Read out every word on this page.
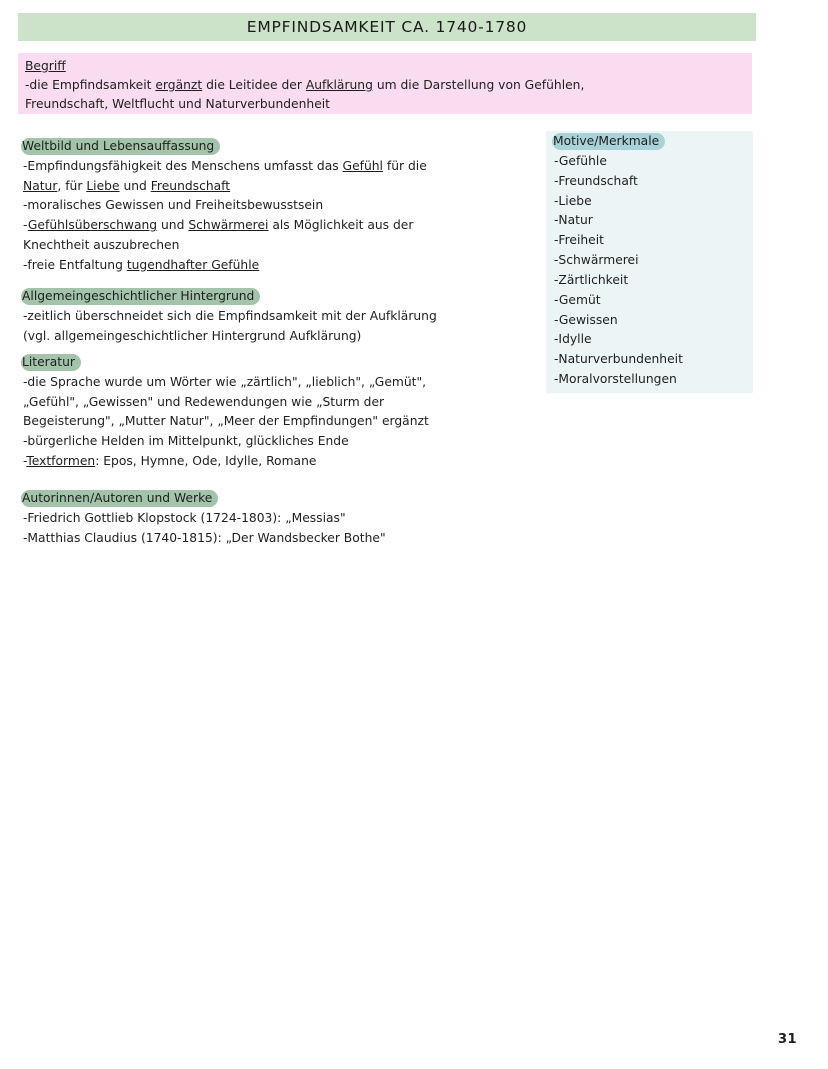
EMPFINDSAMKEIT CA. 1740-1780
Begriff
-die Empfindsamkeit ergänzt die Leitidee der Aufklärung um die Darstellung von Gefühlen,
Freundschaft, Weltflucht und Naturverbundenheit
Weltbild und Lebensauffassung
-Empfindungsfähigkeit des Menschens umfasst das Gefühl für die
Natur, für Liebe und Freundschaft
-moralisches Gewissen und Freiheitsbewusstsein
-Gefühlsüberschwang und Schwärmerei als Möglichkeit aus der
Knechtheit auszubrechen
-freie Entfaltung tugendhafter Gefühle
Allgemeingeschichtlicher Hintergrund
-zeitlich überschneidet sich die Empfindsamkeit mit der Aufklärung
(vgl. allgemeingeschichtlicher Hintergrund Aufklärung)
Literatur
-die Sprache wurde um Wörter wie „zärtlich", „lieblich", „Gemüt",
„Gefühl", „Gewissen" und Redewendungen wie „Sturm der
Begeisterung", „Mutter Natur", „Meer der Empfindungen" ergänzt
-bürgerliche Helden im Mittelpunkt, glückliches Ende
-Textformen: Epos, Hymne, Ode, Idylle, Romane
Autorinnen/Autoren und Werke
-Friedrich Gottlieb Klopstock (1724-1803): „Messias"
-Matthias Claudius (1740-1815): „Der Wandsbecker Bothe"
Motive/Merkmale
-Gefühle
-Freundschaft
-Liebe
-Natur
-Freiheit
-Schwärmerei
-Zärtlichkeit
-Gemüt
-Gewissen
-Idylle
-Naturverbundenheit
-Moralvorstellungen
31
